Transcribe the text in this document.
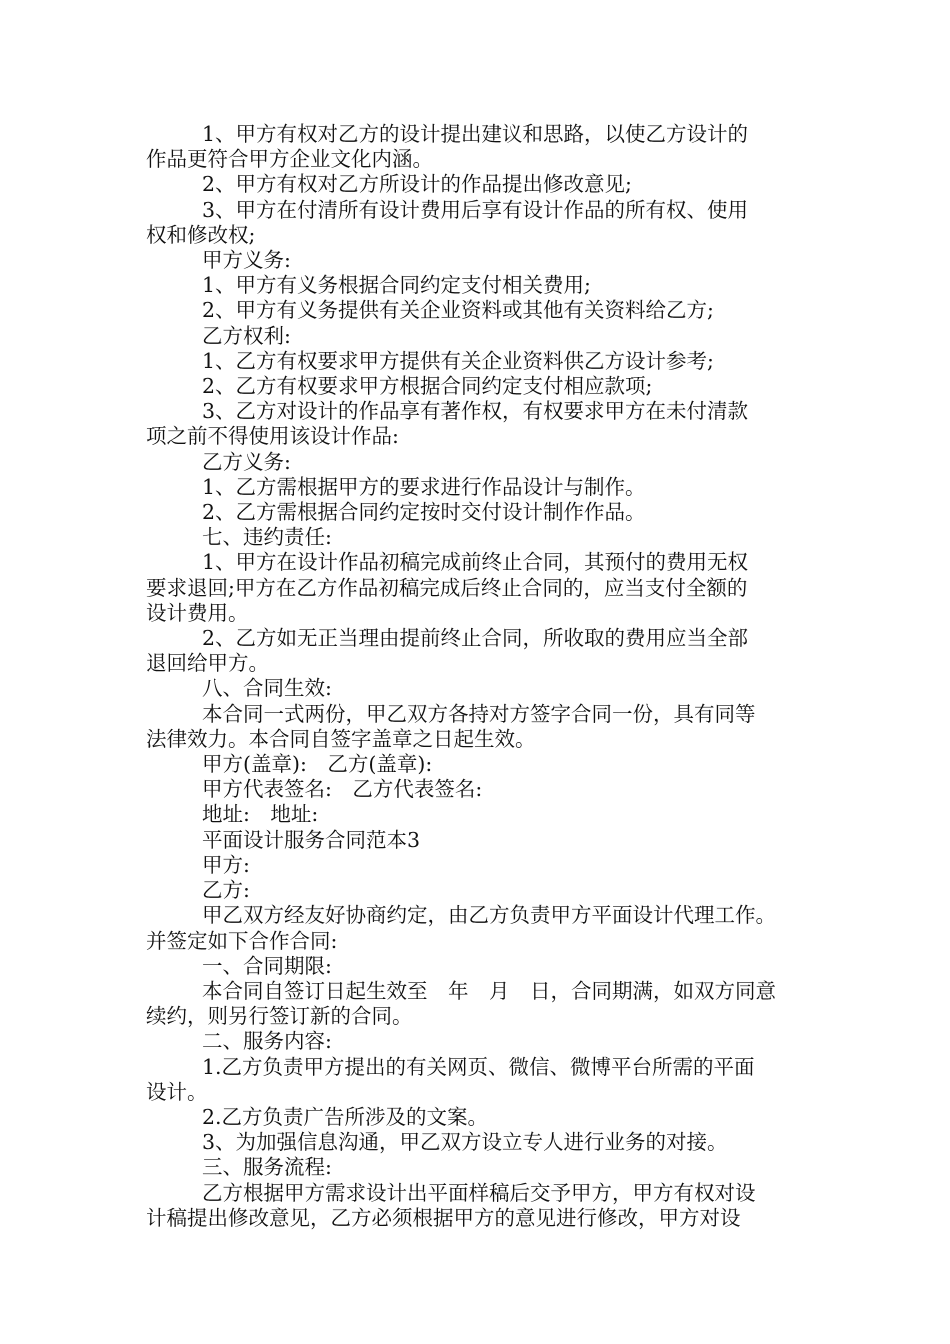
1、甲方有权对乙方的设计提出建议和思路，以使乙方设计的

作品更符合甲方企业文化内涵。

2、甲方有权对乙方所设计的作品提出修改意见;

3、甲方在付清所有设计费用后享有设计作品的所有权、使用

权和修改权;

甲方义务:

1、甲方有义务根据合同约定支付相关费用;

2、甲方有义务提供有关企业资料或其他有关资料给乙方;

乙方权利:

1、乙方有权要求甲方提供有关企业资料供乙方设计参考;

2、乙方有权要求甲方根据合同约定支付相应款项;

3、乙方对设计的作品享有著作权，有权要求甲方在未付清款

项之前不得使用该设计作品:

乙方义务:

1、乙方需根据甲方的要求进行作品设计与制作。

2、乙方需根据合同约定按时交付设计制作作品。

七、违约责任:

1、甲方在设计作品初稿完成前终止合同，其预付的费用无权

要求退回;甲方在乙方作品初稿完成后终止合同的，应当支付全额的

设计费用。

2、乙方如无正当理由提前终止合同，所收取的费用应当全部

退回给甲方。

八、合同生效:

本合同一式两份，甲乙双方各持对方签字合同一份，具有同等

法律效力。本合同自签字盖章之日起生效。

甲方(盖章):　乙方(盖章):

甲方代表签名:　乙方代表签名:

地址:　地址:

平面设计服务合同范本3

甲方:

乙方:

甲乙双方经友好协商约定，由乙方负责甲方平面设计代理工作。

并签定如下合作合同:

一、合同期限:

本合同自签订日起生效至　年　月　日，合同期满，如双方同意

续约，则另行签订新的合同。

二、服务内容:

1.乙方负责甲方提出的有关网页、微信、微博平台所需的平面

设计。

2.乙方负责广告所涉及的文案。

3、为加强信息沟通，甲乙双方设立专人进行业务的对接。

三、服务流程:

乙方根据甲方需求设计出平面样稿后交予甲方，甲方有权对设

计稿提出修改意见，乙方必须根据甲方的意见进行修改，甲方对设
